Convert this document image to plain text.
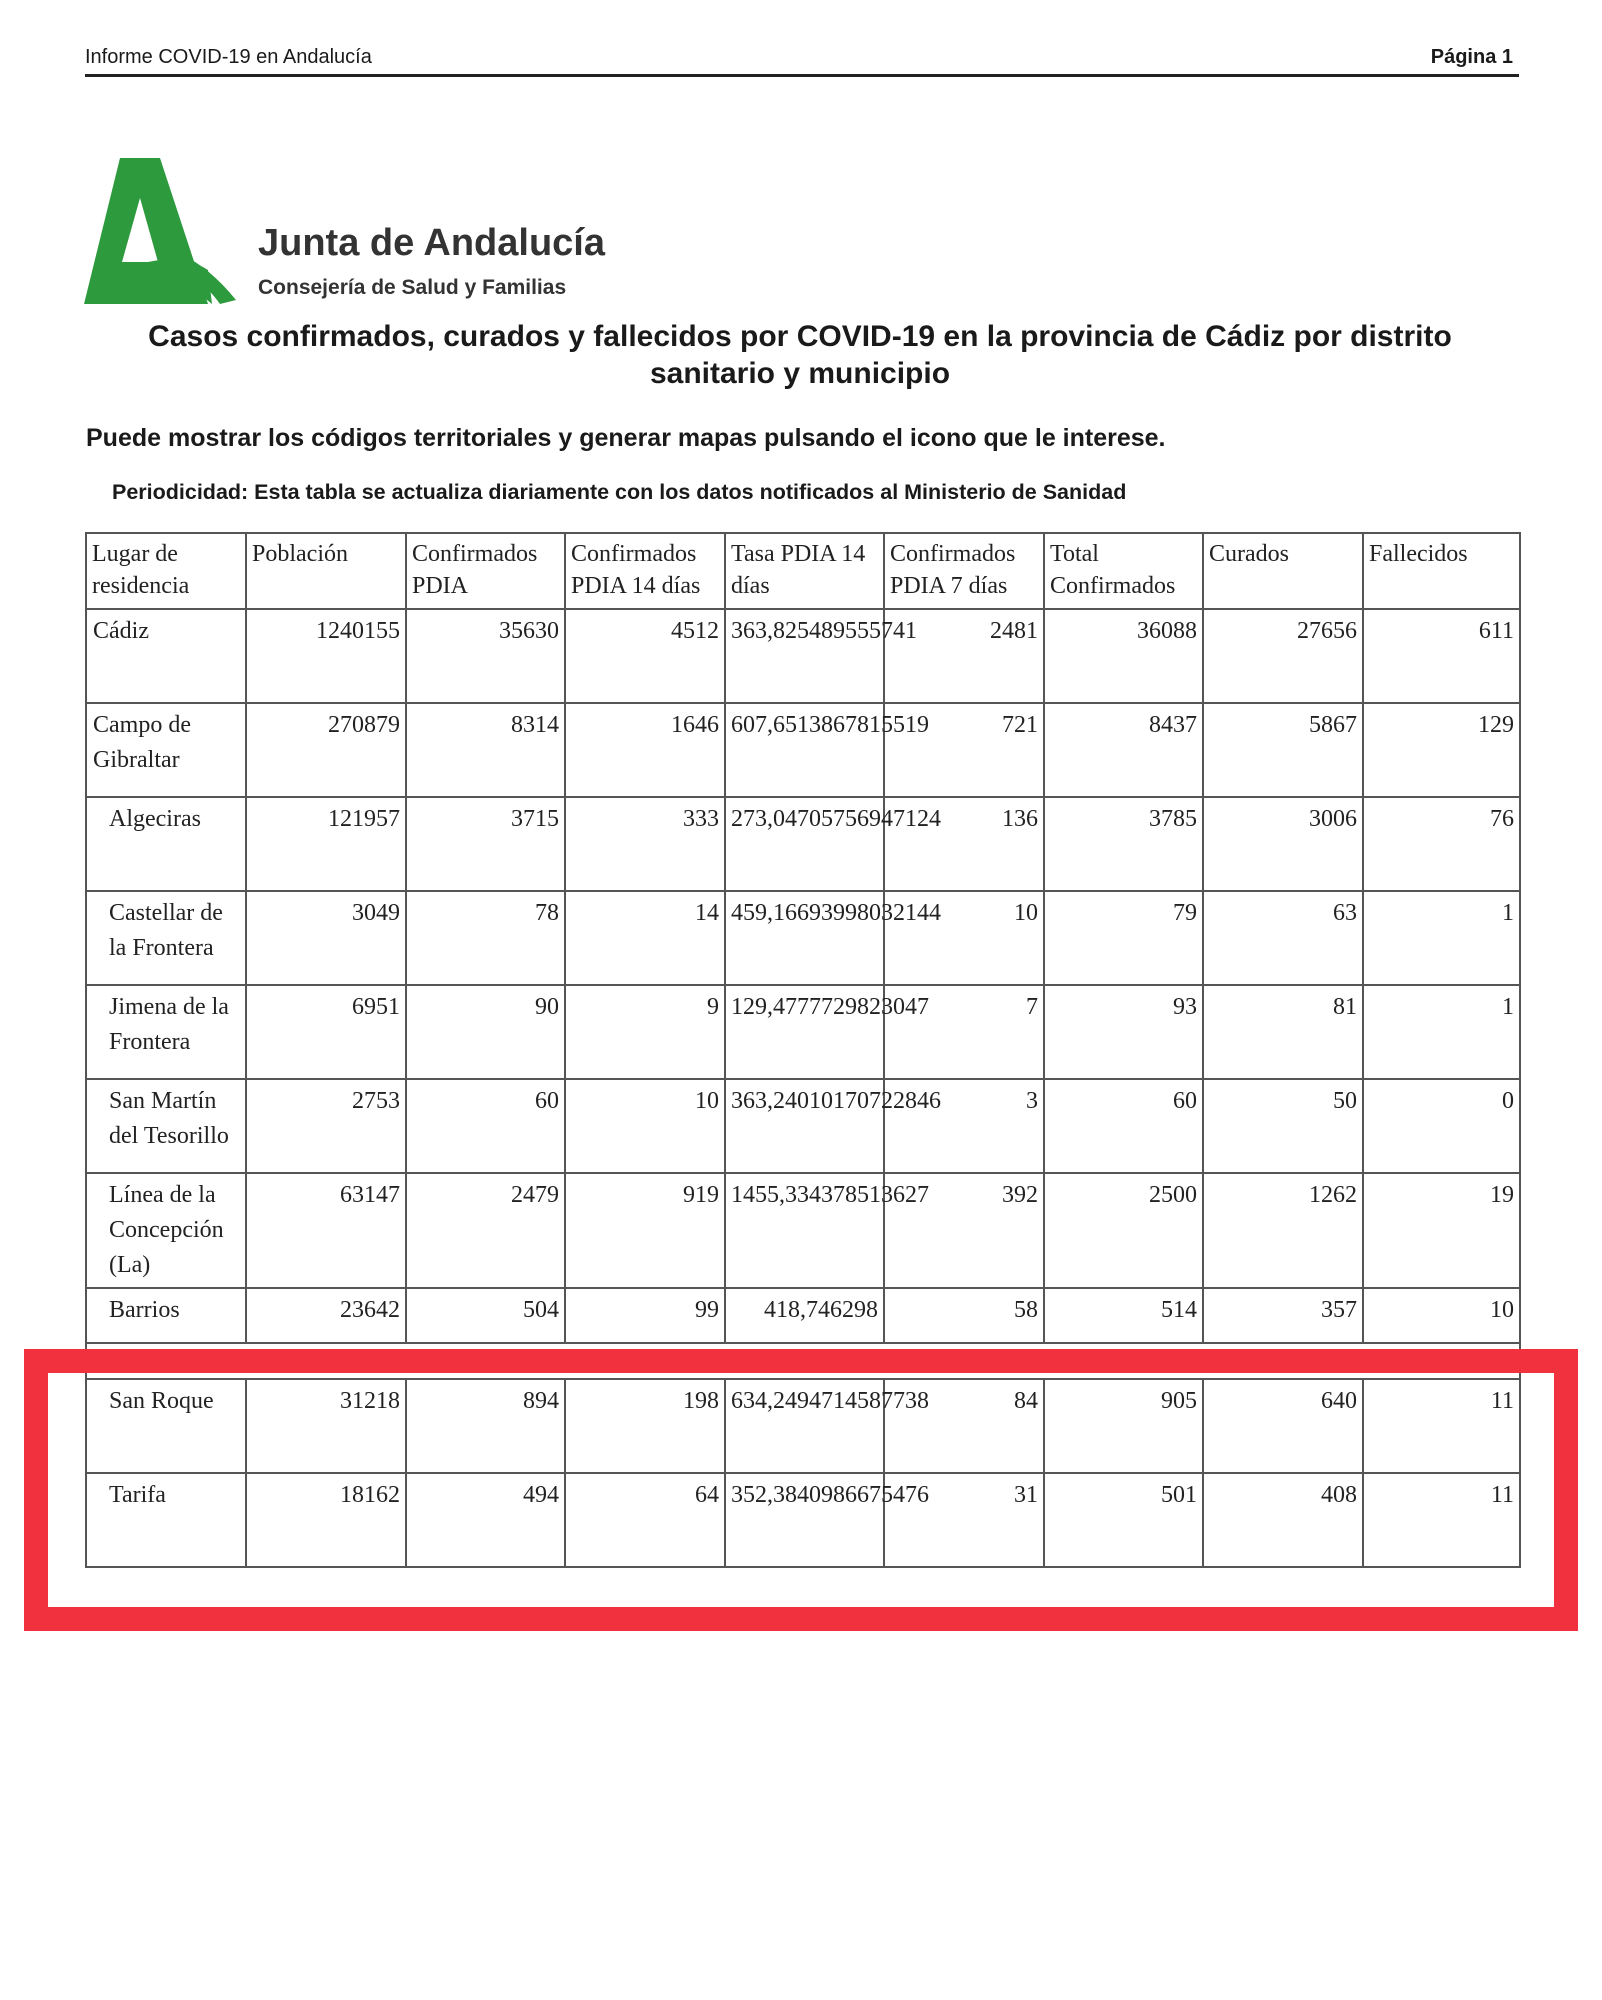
Informe COVID-19 en Andalucía	Página 1
Junta de Andalucía
Consejería de Salud y Familias
Casos confirmados, curados y fallecidos por COVID-19 en la provincia de Cádiz por distrito
sanitario y municipio
Puede mostrar los códigos territoriales y generar mapas pulsando el icono que le interese.
Periodicidad: Esta tabla se actualiza diariamente con los datos notificados al Ministerio de Sanidad
Lugar de residencia	Población	Confirmados PDIA	Confirmados PDIA 14 días	Tasa PDIA 14 días	Confirmados PDIA 7 días	Total Confirmados	Curados	Fallecidos
Cádiz	1240155	35630	4512	363,825489555741	2481	36088	27656	611
Campo de Gibraltar	270879	8314	1646	607,6513867815519	721	8437	5867	129
Algeciras	121957	3715	333	273,04705756947124	136	3785	3006	76
Castellar de la Frontera	3049	78	14	459,16693998032144	10	79	63	1
Jimena de la Frontera	6951	90	9	129,4777729823047	7	93	81	1
San Martín del Tesorillo	2753	60	10	363,24010170722846	3	60	50	0
Línea de la Concepción (La)	63147	2479	919	1455,334378513627	392	2500	1262	19
Barrios	23642	504	99	418,746298	58	514	357	10

San Roque	31218	894	198	634,2494714587738	84	905	640	11
Tarifa	18162	494	64	352,3840986675476	31	501	408	11
